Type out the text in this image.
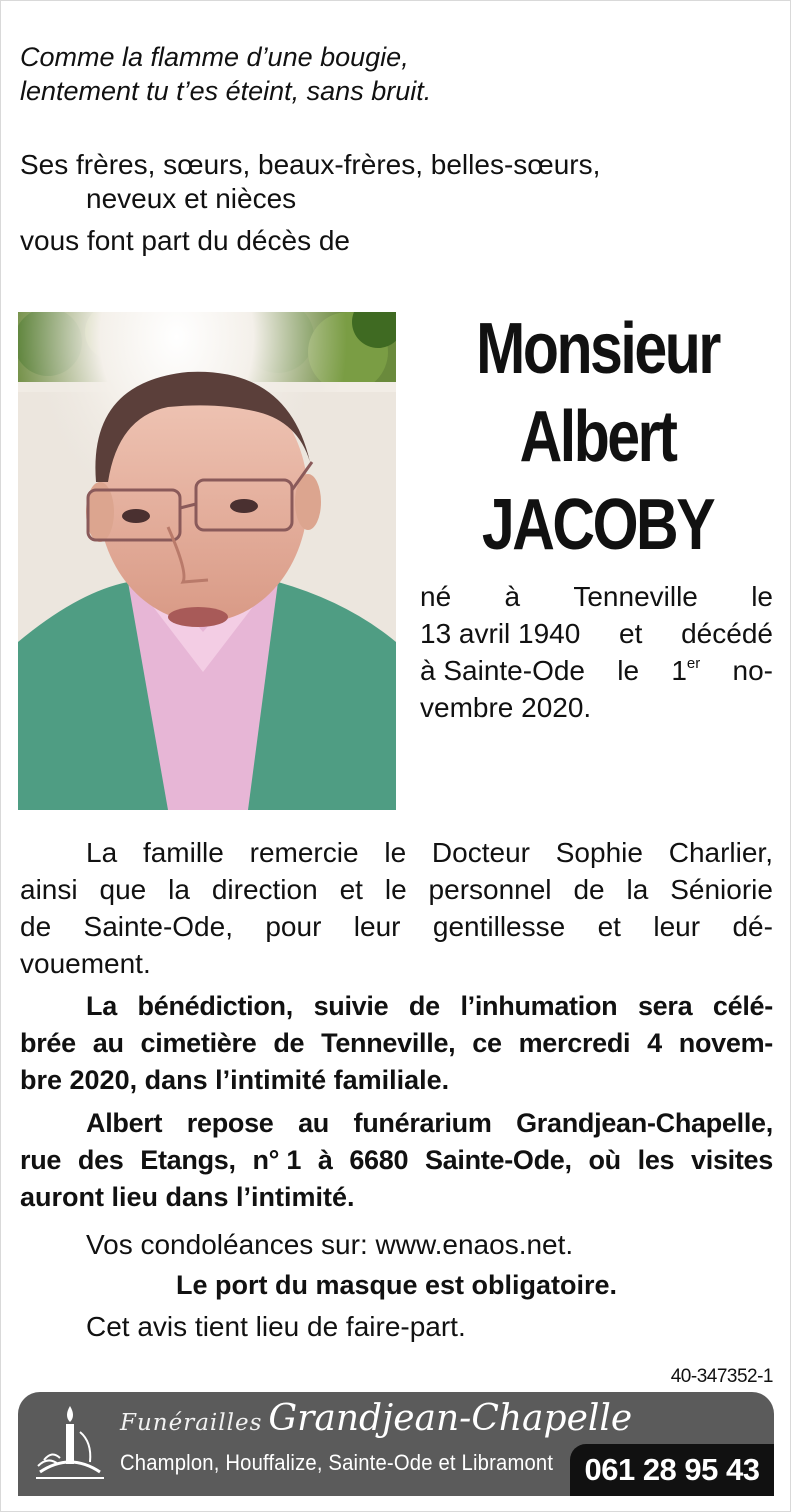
Comme la flamme d’une bougie,
lentement tu t’es éteint, sans bruit.
Ses frères, sœurs, beaux-frères, belles-sœurs,
neveux et nièces
vous font part du décès de
Monsieur
Albert
JACOBY
né à Tenneville le
13 avril 1940 et décédé
à Sainte-Ode le 1er no-
vembre 2020.
La famille remercie le Docteur Sophie Charlier,
ainsi que la direction et le personnel de la Séniorie
de Sainte-Ode, pour leur gentillesse et leur dé-
vouement.
La bénédiction, suivie de l’inhumation sera célé-
brée au cimetière de Tenneville, ce mercredi 4 novem-
bre 2020, dans l’intimité familiale.
Albert repose au funérarium Grandjean-Chapelle,
rue des Etangs, n° 1 à 6680 Sainte-Ode, où les visites
auront lieu dans l’intimité.
Vos condoléances sur: www.enaos.net.
Le port du masque est obligatoire.
Cet avis tient lieu de faire-part.
40-347352-1
Funérailles Grandjean-Chapelle
Champlon, Houffalize, Sainte-Ode et Libramont	061 28 95 43
